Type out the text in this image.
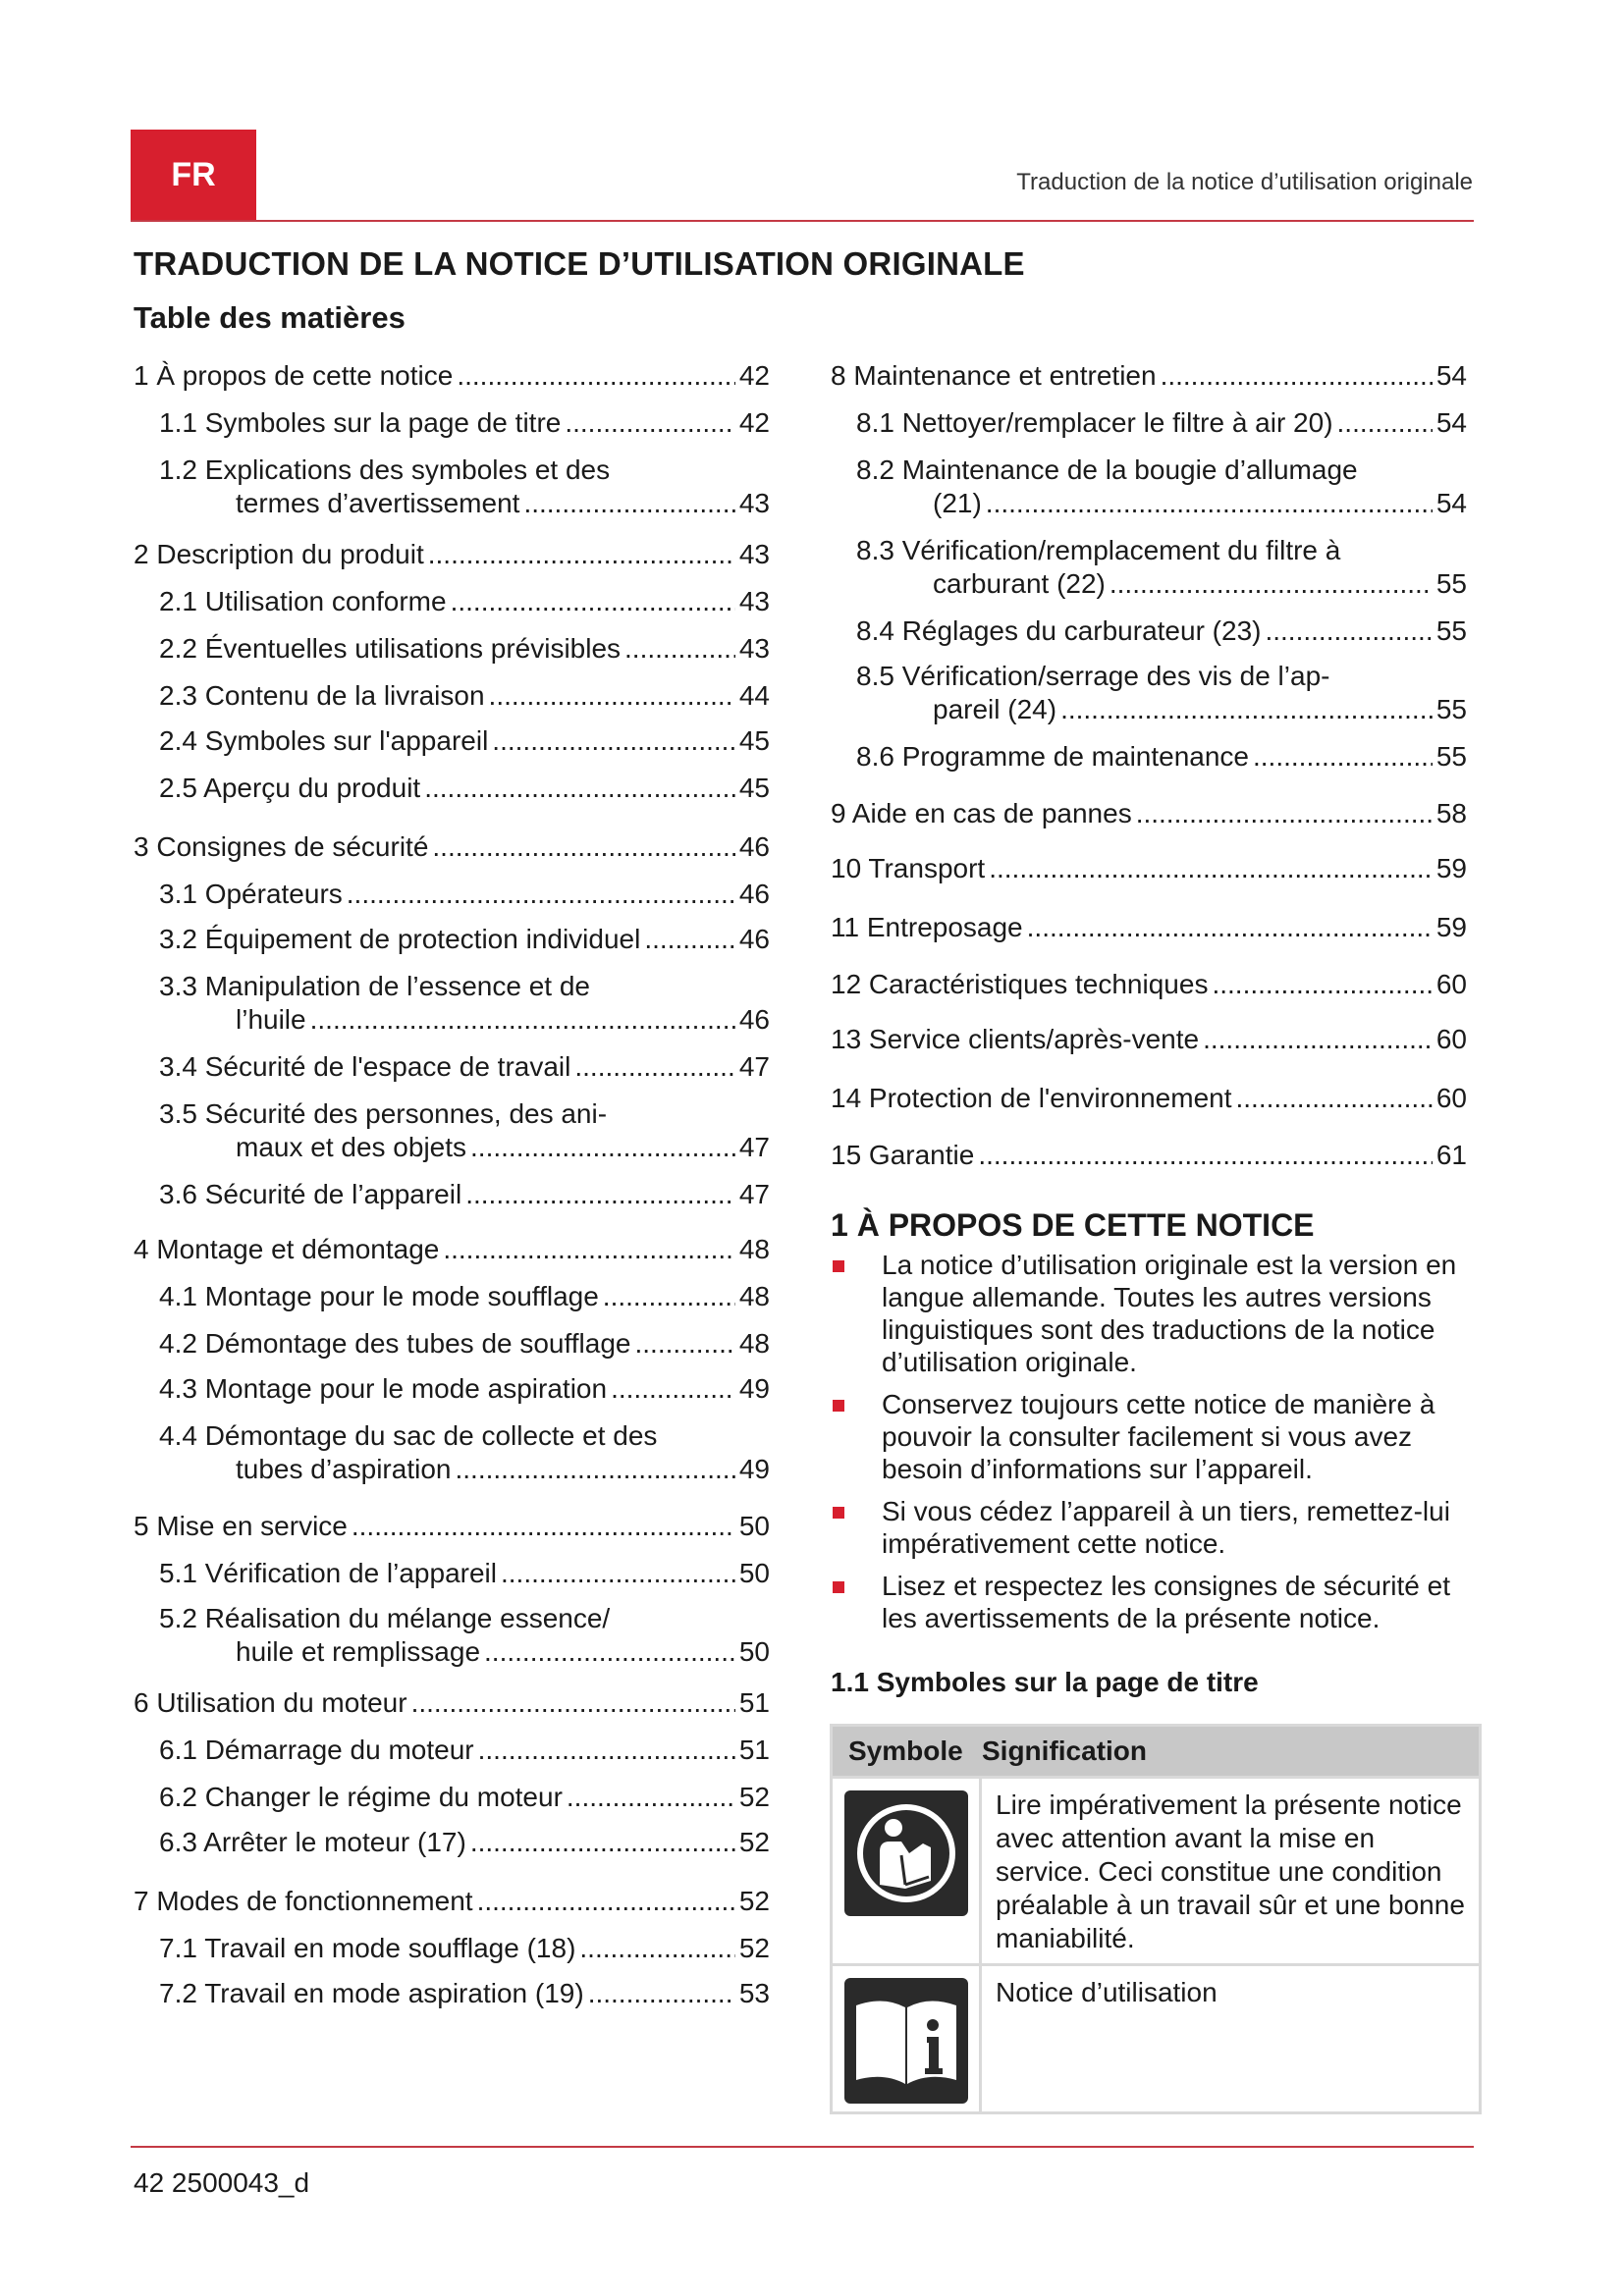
FR	Traduction de la notice d’utilisation originale
TRADUCTION DE LA NOTICE D’UTILISATION ORIGINALE
Table des matières
1 À propos de cette notice .....	42
1.1 Symboles sur la page de titre .....	42
1.2 Explications des symboles et des
termes d’avertissement .....	43
2 Description du produit .....	43
2.1 Utilisation conforme .....	43
2.2 Éventuelles utilisations prévisibles .....	43
2.3 Contenu de la livraison .....	44
2.4 Symboles sur l'appareil .....	45
2.5 Aperçu du produit .....	45
3 Consignes de sécurité .....	46
3.1 Opérateurs .....	46
3.2 Équipement de protection individuel .....	46
3.3 Manipulation de l’essence et de
l’huile .....	46
3.4 Sécurité de l'espace de travail .....	47
3.5 Sécurité des personnes, des ani-
maux et des objets .....	47
3.6 Sécurité de l’appareil .....	47
4 Montage et démontage .....	48
4.1 Montage pour le mode soufflage .....	48
4.2 Démontage des tubes de soufflage .....	48
4.3 Montage pour le mode aspiration .....	49
4.4 Démontage du sac de collecte et des
tubes d’aspiration .....	49
5 Mise en service .....	50
5.1 Vérification de l’appareil .....	50
5.2 Réalisation du mélange essence/
huile et remplissage .....	50
6 Utilisation du moteur .....	51
6.1 Démarrage du moteur .....	51
6.2 Changer le régime du moteur .....	52
6.3 Arrêter le moteur (17) .....	52
7 Modes de fonctionnement .....	52
7.1 Travail en mode soufflage (18) .....	52
7.2 Travail en mode aspiration (19) .....	53
8 Maintenance et entretien .....	54
8.1 Nettoyer/remplacer le filtre à air 20) .....	54
8.2 Maintenance de la bougie d’allumage
(21) .....	54
8.3 Vérification/remplacement du filtre à
carburant (22) .....	55
8.4 Réglages du carburateur (23) .....	55
8.5 Vérification/serrage des vis de l’ap-
pareil (24) .....	55
8.6 Programme de maintenance .....	55
9 Aide en cas de pannes .....	58
10 Transport .....	59
11 Entreposage .....	59
12 Caractéristiques techniques .....	60
13 Service clients/après-vente .....	60
14 Protection de l'environnement .....	60
15 Garantie .....	61
1 À PROPOS DE CETTE NOTICE
La notice d’utilisation originale est la version en langue allemande. Toutes les autres versions linguistiques sont des traductions de la notice d’utilisation originale.
Conservez toujours cette notice de manière à pouvoir la consulter facilement si vous avez besoin d’informations sur l’appareil.
Si vous cédez l’appareil à un tiers, remettez-lui impérativement cette notice.
Lisez et respectez les consignes de sécurité et les avertissements de la présente notice.
1.1 Symboles sur la page de titre
Symbole Signification
Lire impérativement la présente notice avec attention avant la mise en service. Ceci constitue une condition préalable à un travail sûr et une bonne maniabilité.
Notice d’utilisation
42 2500043_d
